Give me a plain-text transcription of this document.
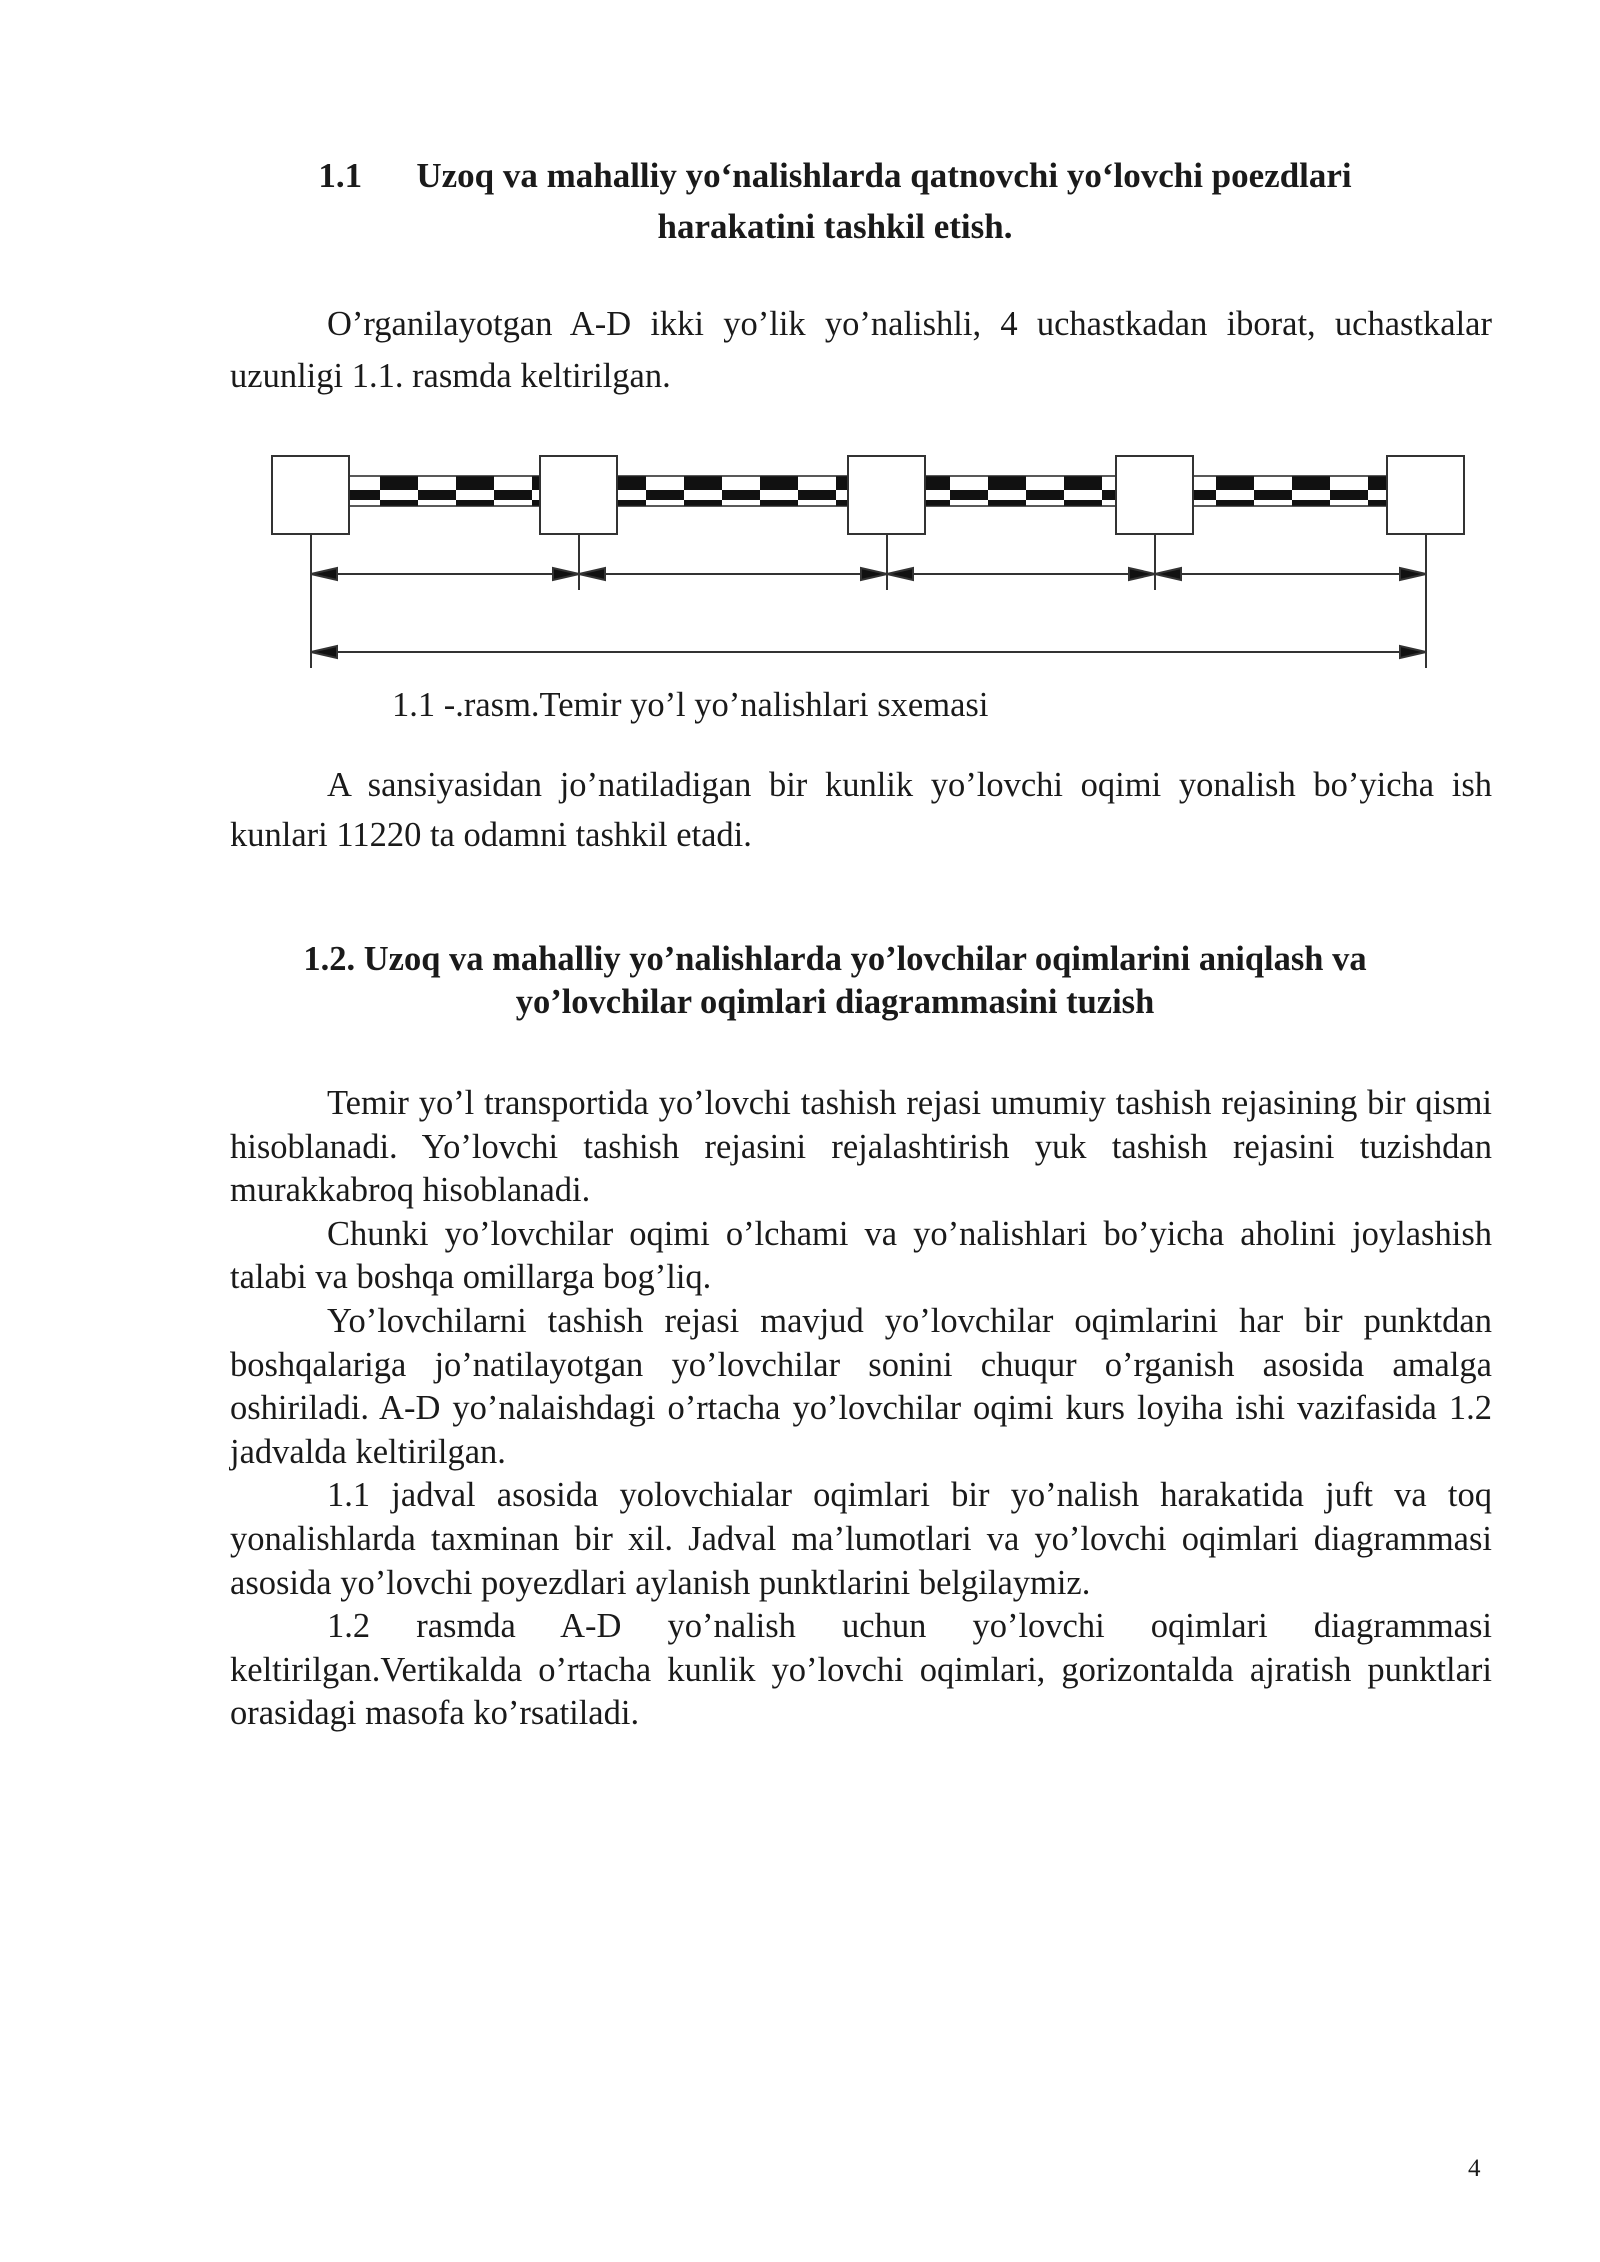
1.1 Uzoq va mahalliy yo‘nalishlarda qatnovchi yo‘lovchi poezdlari
harakatini tashkil etish.

O’rganilayotgan A-D ikki yo’lik yo’nalishli, 4 uchastkadan iborat, uchastkalar uzunligi 1.1. rasmda keltirilgan.

1.1 -.rasm.Temir yo’l yo’nalishlari sxemasi

A sansiyasidan jo’natiladigan bir kunlik yo’lovchi oqimi yonalish bo’yicha ish kunlari 11220 ta odamni tashkil etadi.

1.2. Uzoq va mahalliy yo’nalishlarda yo’lovchilar oqimlarini aniqlash va
yo’lovchilar oqimlari diagrammasini tuzish
Temir yo’l transportida yo’lovchi tashish rejasi umumiy tashish rejasining bir qismi hisoblanadi. Yo’lovchi tashish rejasini rejalashtirish yuk tashish rejasini tuzishdan murakkabroq hisoblanadi.
Chunki yo’lovchilar oqimi o’lchami va yo’nalishlari bo’yicha aholini joylashish talabi va boshqa omillarga bog’liq.
Yo’lovchilarni tashish rejasi mavjud yo’lovchilar oqimlarini har bir punktdan boshqalariga jo’natilayotgan yo’lovchilar sonini chuqur o’rganish asosida amalga oshiriladi. A-D yo’nalaishdagi o’rtacha yo’lovchilar oqimi kurs loyiha ishi vazifasida 1.2 jadvalda keltirilgan.
1.1 jadval asosida yolovchialar oqimlari bir yo’nalish harakatida juft va toq yonalishlarda taxminan bir xil. Jadval ma’lumotlari va yo’lovchi oqimlari diagrammasi asosida yo’lovchi poyezdlari aylanish punktlarini belgilaymiz.
1.2 rasmda A-D yo’nalish uchun yo’lovchi oqimlari diagrammasi keltirilgan.Vertikalda o’rtacha kunlik yo’lovchi oqimlari, gorizontalda ajratish punktlari orasidagi masofa ko’rsatiladi.
4
